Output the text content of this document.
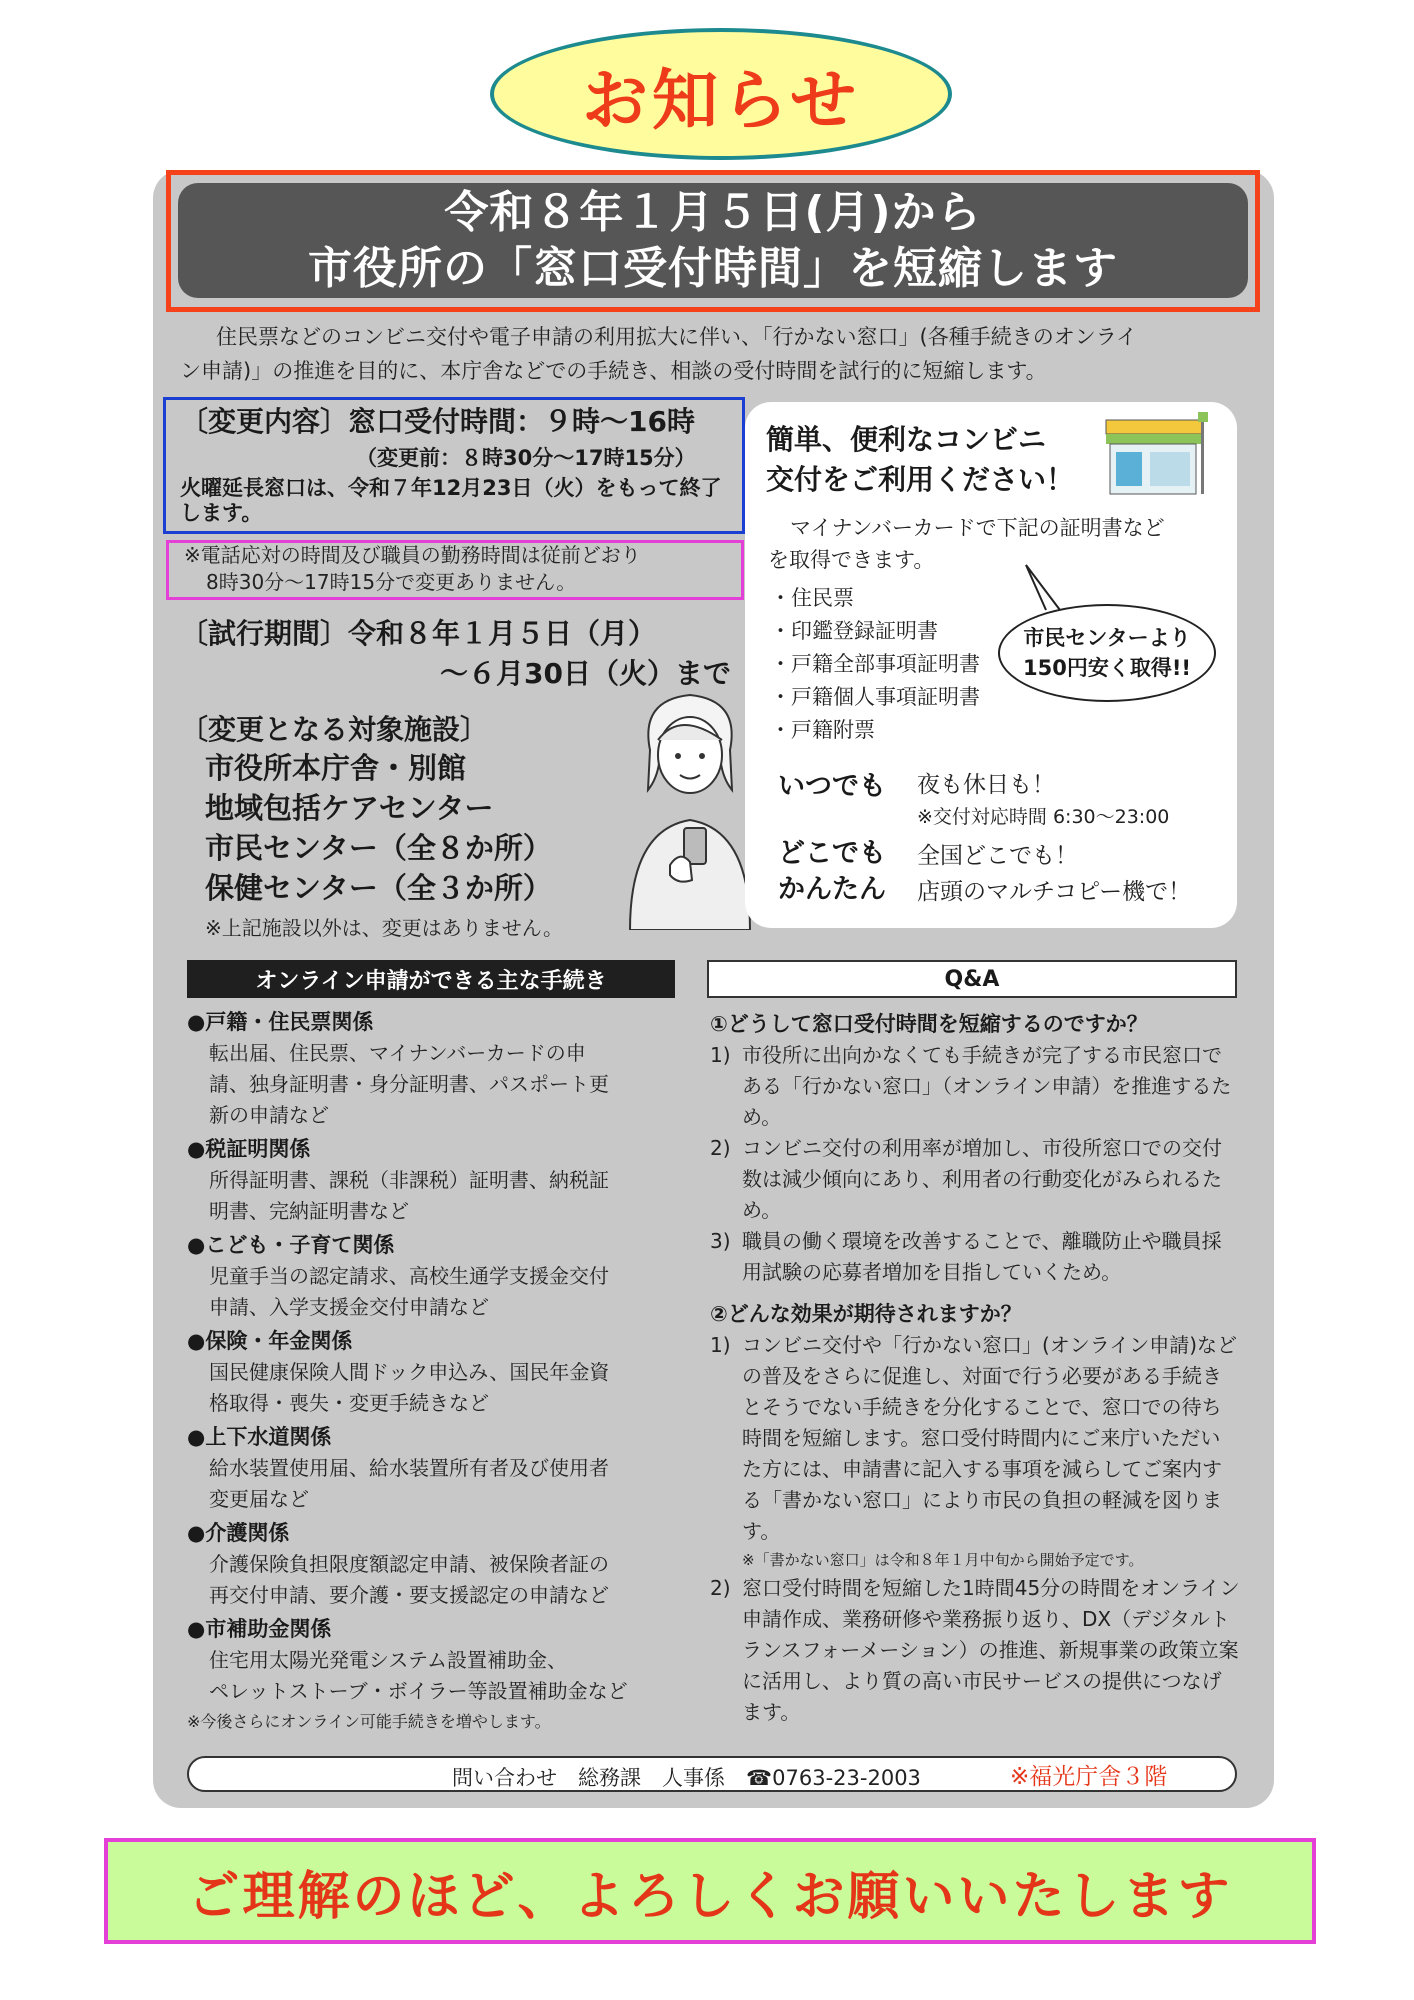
お知らせ
令和８年１月５日(月)から
市役所の「窓口受付時間」を短縮します
住民票などのコンビニ交付や電子申請の利用拡大に伴い、「行かない窓口」(各種手続きのオンライ
ン申請)」の推進を目的に、本庁舎などでの手続き、相談の受付時間を試行的に短縮します。
〔変更内容〕窓口受付時間：９時〜16時
（変更前：８時30分〜17時15分）
火曜延長窓口は、令和７年12月23日（火）をもって終了します。
※電話応対の時間及び職員の勤務時間は従前どおり
8時30分〜17時15分で変更ありません。
〔試行期間〕令和８年１月５日（月）
〜６月30日（火）まで
〔変更となる対象施設〕
市役所本庁舎・別館
地域包括ケアセンター
市民センター（全８か所）
保健センター（全３か所）
※上記施設以外は、変更はありません。
簡単、便利なコンビニ
交付をご利用ください！
マイナンバーカードで下記の証明書など
を取得できます。
・住民票
・印鑑登録証明書
・戸籍全部事項証明書
・戸籍個人事項証明書
・戸籍附票
市民センターより
150円安く取得!!
いつでも 夜も休日も！
※交付対応時間 6:30〜23:00
どこでも
かんたん
全国どこでも！
店頭のマルチコピー機で！
オンライン申請ができる主な手続き
●戸籍・住民票関係
転出届、住民票、マイナンバーカードの申
請、独身証明書・身分証明書、パスポート更
新の申請など
●税証明関係
所得証明書、課税（非課税）証明書、納税証
明書、完納証明書など
●こども・子育て関係
児童手当の認定請求、高校生通学支援金交付
申請、入学支援金交付申請など
●保険・年金関係
国民健康保険人間ドック申込み、国民年金資
格取得・喪失・変更手続きなど
●上下水道関係
給水装置使用届、給水装置所有者及び使用者
変更届など
●介護関係
介護保険負担限度額認定申請、被保険者証の
再交付申請、要介護・要支援認定の申請など
●市補助金関係
住宅用太陽光発電システム設置補助金、
ペレットストーブ・ボイラー等設置補助金など
※今後さらにオンライン可能手続きを増やします。
Q&A
①どうして窓口受付時間を短縮するのですか？
1) 市役所に出向かなくても手続きが完了する市民窓口である「行かない窓口」（オンライン申請）を推進するため。
2) コンビニ交付の利用率が増加し、市役所窓口での交付数は減少傾向にあり、利用者の行動変化がみられるため。
3) 職員の働く環境を改善することで、離職防止や職員採用試験の応募者増加を目指していくため。
②どんな効果が期待されますか？
1) コンビニ交付や「行かない窓口」(オンライン申請)などの普及をさらに促進し、対面で行う必要がある手続きとそうでない手続きを分化することで、窓口での待ち時間を短縮します。窓口受付時間内にご来庁いただいた方には、申請書に記入する事項を減らしてご案内する「書かない窓口」により市民の負担の軽減を図ります。
※「書かない窓口」は令和８年１月中旬から開始予定です。
2) 窓口受付時間を短縮した1時間45分の時間をオンライン申請作成、業務研修や業務振り返り、DX（デジタルトランスフォーメーション）の推進、新規事業の政策立案に活用し、より質の高い市民サービスの提供につなげます。
問い合わせ　総務課　人事係　☎0763-23-2003	※福光庁舎３階
ご理解のほど、よろしくお願いいたします
